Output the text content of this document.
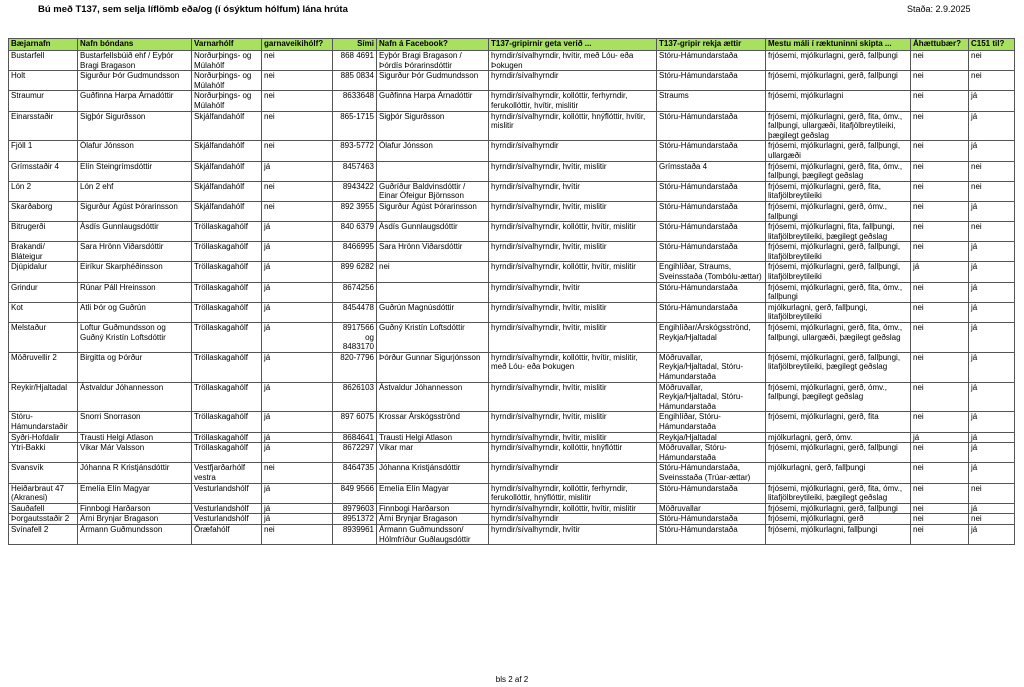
Bú með T137, sem selja líflömb eða/og (í ósýktum hólfum) lána hrúta	Staða: 2.9.2025
Bæjarnafn	Nafn bóndans	Varnarhólf	garnaveikihólf?	Sími	Nafn á Facebook?	T137-gripirnir geta verið ...	T137-gripir rekja ættir	Mestu máli í ræktuninni skipta ...	Áhættubær?	C151 til?
Bustarfell	Bustarfellsbúið ehf / Eyþór Bragi Bragason	Norðurþings- og Múlahólf	nei	868 4691	Eyþór Bragi Bragason / Þórdís Þórarinsdóttir	hyrndir/sívalhyrndir, hvítir, með Lóu- eða Þokugen	Stóru-Hámundarstaða	frjósemi, mjólkurlagni, gerð, fallþungi	nei	nei
Holt	Sigurður Þór Gudmundsson	Norðurþings- og Múlahólf	nei	885 0834	Sigurður Þór Gudmundsson	hyrndir/sívalhyrndir	Stóru-Hámundarstaða	frjósemi, mjólkurlagni, gerð, fallþungi	nei	nei
Straumur	Guðfinna Harpa Árnadóttir	Norðurþings- og Múlahólf	nei	8633648	Guðfinna Harpa Árnadóttir	hyrndir/sívalhyrndir, kollóttir, ferhyrndir, ferukollóttir, hvítir, mislitir	Straums	frjósemi, mjólkurlagni	nei	já
Einarsstaðir	Sigþór Sigurðsson	Skjálfandahólf	nei	865-1715	Sigþór Sigurðsson	hyrndir/sívalhyrndir, kollóttir, hnýflóttir, hvítir, mislitir	Stóru-Hámundarstaða	frjósemi, mjólkurlagni, gerð, fita, ómv., fallþungi, ullargæði, litafjölbreytileiki, þægilegt geðslag	nei	já
Fjöll 1	Ólafur Jónsson	Skjálfandahólf	nei	893-5772	Ólafur Jónsson	hyrndir/sívalhyrndir	Stóru-Hámundarstaða	frjósemi, mjólkurlagni, gerð, fallþungi, ullargæði	nei	já
Grímsstaðir 4	Elín Steingrímsdóttir	Skjálfandahólf	já	8457463		hyrndir/sívalhyrndir, hvítir, mislitir	Grímsstaða 4	frjósemi, mjólkurlagni, gerð, fita, ómv., fallþungi, þægilegt geðslag	nei	nei
Lón 2	Lón 2 ehf	Skjálfandahólf	nei	8943422	Guðríður Baldvinsdóttir / Einar Ófeigur Björnsson	hyrndir/sívalhyrndir, hvítir	Stóru-Hámundarstaða	frjósemi, mjólkurlagni, gerð, fita, litafjölbreytileiki	nei	nei
Skarðaborg	Sigurður Ágúst Þórarinsson	Skjálfandahólf	nei	892 3955	Sigurður Ágúst Þórarinsson	hyrndir/sívalhyrndir, hvítir, mislitir	Stóru-Hámundarstaða	frjósemi, mjólkurlagni, gerð, ómv., fallþungi	nei	já
Bitrugerði	Ásdís Gunnlaugsdóttir	Tröllaskagahólf	já	840 6379	Ásdís Gunnlaugsdóttir	hyrndir/sívalhyrndir, kollóttir, hvítir, mislitir	Stóru-Hámundarstaða	frjósemi, mjólkurlagni, fita, fallþungi, litafjölbreytileiki, þægilegt geðslag	nei	nei
Brakandi/ Bláteigur	Sara Hrönn Viðarsdóttir	Tröllaskagahólf	já	8466995	Sara Hrönn Viðarsdóttir	hyrndir/sívalhyrndir, hvítir, mislitir	Stóru-Hámundarstaða	frjósemi, mjólkurlagni, gerð, fallþungi, litafjölbreytileiki	nei	já
Djúpidalur	Eiríkur Skarphéðinsson	Tröllaskagahólf	já	899 6282	nei	hyrndir/sívalhyrndir, kollóttir, hvítir, mislitir	Engihlíðar, Straums, Sveinsstaða (Tombólu-ættar)	frjósemi, mjólkurlagni, gerð, fallþungi, litafjölbreytileiki	já	já
Grindur	Rúnar Páll Hreinsson	Tröllaskagahólf	já	8674256		hyrndir/sívalhyrndir, hvítir	Stóru-Hámundarstaða	frjósemi, mjólkurlagni, gerð, fita, ómv., fallþungi	nei	já
Kot	Atli Þór og Guðrún	Tröllaskagahólf	já	8454478	Guðrún Magnúsdóttir	hyrndir/sívalhyrndir, hvítir, mislitir	Stóru-Hámundarstaða	mjólkurlagni, gerð, fallþungi, litafjölbreytileiki	nei	já
Melstaður	Loftur Guðmundsson og Guðný Kristín Loftsdóttir	Tröllaskagahólf	já	8917566 og 8483170	Guðný Kristín Loftsdóttir	hyrndir/sívalhyrndir, hvítir, mislitir	Engihlíðar/Árskógsströnd, Reykja/Hjaltadal	frjósemi, mjólkurlagni, gerð, fita, ómv., fallþungi, ullargæði, þægilegt geðslag	nei	já
Möðruvellir 2	Birgitta og Þórður	Tröllaskagahólf	já	820-7796	Þórður Gunnar Sigurjónsson	hyrndir/sívalhyrndir, kollóttir, hvítir, mislitir, með Lóu- eða Þokugen	Möðruvallar, Reykja/Hjaltadal, Stóru-Hámundarstaða	frjósemi, mjólkurlagni, gerð, fallþungi, litafjölbreytileiki, þægilegt geðslag	nei	já
Reykir/Hjaltadal	Ástvaldur Jóhannesson	Tröllaskagahólf	já	8626103	Ástvaldur Jóhannesson	hyrndir/sívalhyrndir, hvítir, mislitir	Möðruvallar, Reykja/Hjaltadal, Stóru-Hámundarstaða	frjósemi, mjólkurlagni, gerð, ómv., fallþungi, þægilegt geðslag	nei	já
Stóru-Hámundarstaðir	Snorri Snorrason	Tröllaskagahólf	já	897 6075	Krossar Árskógsströnd	hyrndir/sívalhyrndir, hvítir, mislitir	Engihlíðar, Stóru-Hámundarstaða	frjósemi, mjólkurlagni, gerð, fita	nei	já
Syðri-Hofdalir	Trausti Helgi Atlason	Tröllaskagahólf	já	8684641	Trausti Helgi Atlason	hyrndir/sívalhyrndir, hvítir, mislitir	Reykja/Hjaltadal	mjólkurlagni, gerð, ómv.	já	já
Ytri-Bakki	Vikar Már Valsson	Tröllaskagahólf	já	8672297	Vikar mar	hyrndir/sívalhyrndir, kollóttir, hnýflóttir	Möðruvallar, Stóru-Hámundarstaða	frjósemi, mjólkurlagni, gerð, fallþungi	nei	já
Svansvík	Jóhanna R Kristjánsdóttir	Vestfjarðarhólf vestra	nei	8464735	Jóhanna Kristjánsdóttir	hyrndir/sívalhyrndir	Stóru-Hámundarstaða, Sveinsstaða (Trúar-ættar)	mjólkurlagni, gerð, fallþungi	nei	já
Heiðarbraut 47 (Akranesi)	Emelía Elín Magyar	Vesturlandshólf	já	849 9566	Emelía Elín Magyar	hyrndir/sívalhyrndir, kollóttir, ferhyrndir, ferukollóttir, hnýflóttir, mislitir	Stóru-Hámundarstaða	frjósemi, mjólkurlagni, gerð, fita, ómv., litafjölbreytileiki, þægilegt geðslag	nei	nei
Sauðafell	Finnbogi Harðarson	Vesturlandshólf	já	8979603	Finnbogi Harðarson	hyrndir/sívalhyrndir, kollóttir, hvítir, mislitir	Möðruvallar	frjósemi, mjólkurlagni, gerð, fallþungi	nei	já
Þorgautsstaðir 2	Árni Brynjar Bragason	Vesturlandshólf	já	8951372	Árni Brynjar Bragason	hyrndir/sívalhyrndir	Stóru-Hámundarstaða	frjósemi, mjólkurlagni, gerð	nei	nei
Svínafell 2	Ármann Guðmundsson	Öræfahólf	nei	8939961	Ármann Guðmundsson/ Hólmfríður Guðlaugsdóttir	hyrndir/sívalhyrndir, hvítir	Stóru-Hámundarstaða	frjósemi, mjólkurlagni, fallþungi	nei	já
bls 2 af 2
